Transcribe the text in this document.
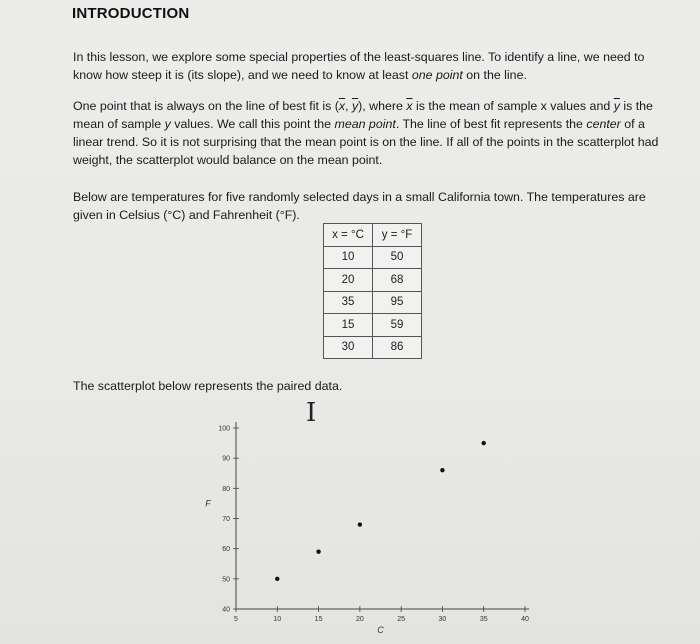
INTRODUCTION
In this lesson, we explore some special properties of the least-squares line. To identify a line, we need to know how steep it is (its slope), and we need to know at least one point on the line.
One point that is always on the line of best fit is ($\overline{x}$, $\overline{y}$), where $\overline{x}$ is the mean of sample x values and $\overline{y}$ is the mean of sample y values. We call this point the mean point. The line of best fit represents the center of a linear trend. So it is not surprising that the mean point is on the line. If all of the points in the scatterplot had weight, the scatterplot would balance on the mean point.
Below are temperatures for five randomly selected days in a small California town. The temperatures are given in Celsius (°C) and Fahrenheit (°F).
x = °C	y = °F
10	50
20	68
35	95
15	59
30	86
The scatterplot below represents the paired data.
I
40
50
60
70
80
90
100
5	10	15	20	25	30	35	40
C
F
